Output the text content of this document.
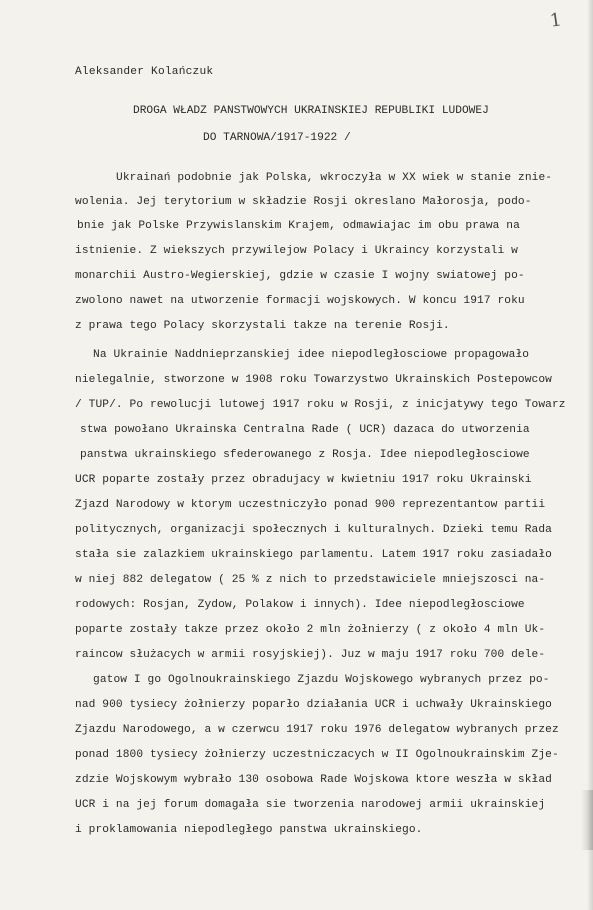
1
Aleksander Kolańczuk
DROGA WŁADZ PANSTWOWYCH UKRAINSKIEJ REPUBLIKI LUDOWEJ
DO TARNOWA/1917-1922 /
Ukrainań podobnie jak Polska, wkroczyła w XX wiek w stanie znie-
wolenia. Jej terytorium w składzie Rosji okreslano Małorosja, podo-
bnie jak Polske Przywislanskim Krajem, odmawiajac im obu prawa na
istnienie. Z wiekszych przywilejow Polacy i Ukraincy korzystali w
monarchii Austro-Wegierskiej, gdzie w czasie I wojny swiatowej po-
zwolono nawet na utworzenie formacji wojskowych. W koncu 1917 roku
z prawa tego Polacy skorzystali takze na terenie Rosji.
Na Ukrainie Naddnieprzanskiej idee niepodległosciowe propagowało
nielegalnie, stworzone w 1908 roku Towarzystwo Ukrainskich Postepowcow
/ TUP/. Po rewolucji lutowej 1917 roku w Rosji, z inicjatywy tego Towarz
stwa powołano Ukrainska Centralna Rade ( UCR) dazaca do utworzenia
panstwa ukrainskiego sfederowanego z Rosja. Idee niepodległosciowe
UCR poparte zostały przez obradujacy w kwietniu 1917 roku Ukrainski
Zjazd Narodowy w ktorym uczestniczyło ponad 900 reprezentantow partii
politycznych, organizacji społecznych i kulturalnych. Dzieki temu Rada
stała sie zalazkiem ukrainskiego parlamentu. Latem 1917 roku zasiadało
w niej 882 delegatow ( 25 % z nich to przedstawiciele mniejszosci na-
rodowych: Rosjan, Zydow, Polakow i innych). Idee niepodległosciowe
poparte zostały takze przez około 2 mln żołnierzy ( z około 4 mln Uk-
raincow służacych w armii rosyjskiej). Juz w maju 1917 roku 700 dele-
gatow I go Ogolnoukrainskiego Zjazdu Wojskowego wybranych przez po-
nad 900 tysiecy żołnierzy poparło działania UCR i uchwały Ukrainskiego
Zjazdu Narodowego, a w czerwcu 1917 roku 1976 delegatow wybranych przez
ponad 1800 tysiecy żołnierzy uczestniczacych w II Ogolnoukrainskim Zje-
zdzie Wojskowym wybrało 130 osobowa Rade Wojskowa ktore weszła w skład
UCR i na jej forum domagała sie tworzenia narodowej armii ukrainskiej
i proklamowania niepodległego panstwa ukrainskiego.
